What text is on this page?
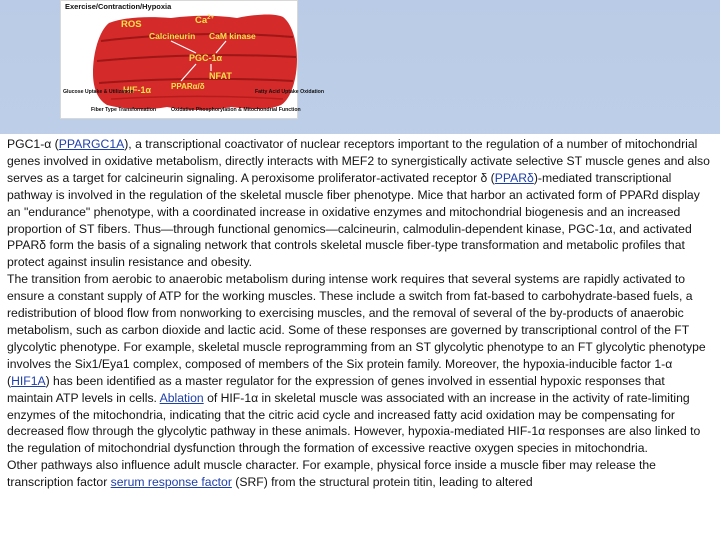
Exercise/Contraction/Hypoxia
ROS	$Ca^{2+}$
Calcineurin CaM kinase
PGC-1α
NFAT
HIF-1α PPARα/δ
Glucose Uptake & Utilization	Fatty Acid Uptake Oxidation
Fiber Type Transformation	Oxidative Phosphorylation & Mitochondrial Function

PGC1-α (PPARGC1A), a transcriptional coactivator of nuclear receptors important to the regulation of a number of mitochondrial genes involved in oxidative metabolism, directly interacts with MEF2 to synergistically activate selective ST muscle genes and also serves as a target for calcineurin signaling. A peroxisome proliferator-activated receptor δ (PPARδ)-mediated transcriptional pathway is involved in the regulation of the skeletal muscle fiber phenotype. Mice that harbor an activated form of PPARd display an "endurance" phenotype, with a coordinated increase in oxidative enzymes and mitochondrial biogenesis and an increased proportion of ST fibers. Thus—through functional genomics—calcineurin, calmodulin-dependent kinase, PGC-1α, and activated PPARδ form the basis of a signaling network that controls skeletal muscle fiber-type transformation and metabolic profiles that protect against insulin resistance and obesity.

The transition from aerobic to anaerobic metabolism during intense work requires that several systems are rapidly activated to ensure a constant supply of ATP for the working muscles. These include a switch from fat-based to carbohydrate-based fuels, a redistribution of blood flow from nonworking to exercising muscles, and the removal of several of the by-products of anaerobic metabolism, such as carbon dioxide and lactic acid. Some of these responses are governed by transcriptional control of the FT glycolytic phenotype. For example, skeletal muscle reprogramming from an ST glycolytic phenotype to an FT glycolytic phenotype involves the Six1/Eya1 complex, composed of members of the Six protein family. Moreover, the hypoxia-inducible factor 1-α (HIF1A) has been identified as a master regulator for the expression of genes involved in essential hypoxic responses that maintain ATP levels in cells. Ablation of HIF-1α in skeletal muscle was associated with an increase in the activity of rate-limiting enzymes of the mitochondria, indicating that the citric acid cycle and increased fatty acid oxidation may be compensating for decreased flow through the glycolytic pathway in these animals. However, hypoxia-mediated HIF-1α responses are also linked to the regulation of mitochondrial dysfunction through the formation of excessive reactive oxygen species in mitochondria.

Other pathways also influence adult muscle character. For example, physical force inside a muscle fiber may release the transcription factor serum response factor (SRF) from the structural protein titin, leading to altered
